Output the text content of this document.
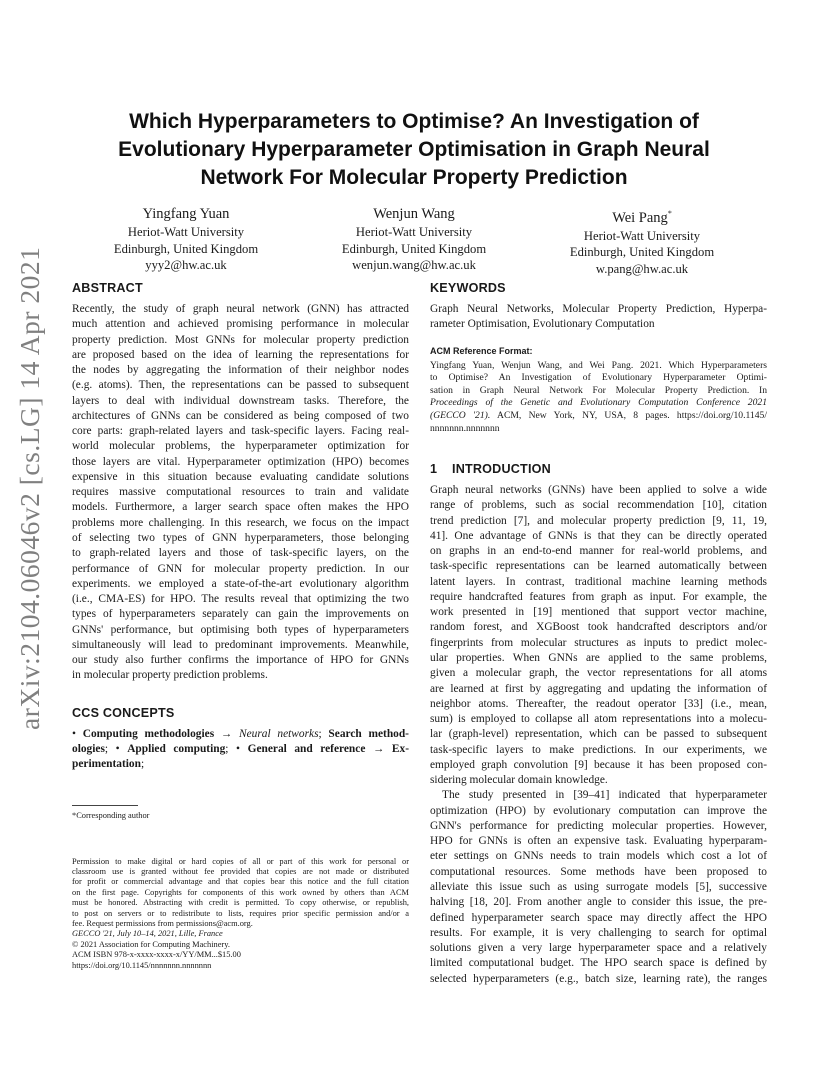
arXiv:2104.06046v2 [cs.LG] 14 Apr 2021
Which Hyperparameters to Optimise? An Investigation of
Evolutionary Hyperparameter Optimisation in Graph Neural
Network For Molecular Property Prediction
Yingfang Yuan
Heriot-Watt University
Edinburgh, United Kingdom
yyy2@hw.ac.uk
Wenjun Wang
Heriot-Watt University
Edinburgh, United Kingdom
wenjun.wang@hw.ac.uk
Wei Pang*
Heriot-Watt University
Edinburgh, United Kingdom
w.pang@hw.ac.uk
ABSTRACT

Recently, the study of graph neural network (GNN) has attracted
much attention and achieved promising performance in molecular
property prediction. Most GNNs for molecular property prediction
are proposed based on the idea of learning the representations for
the nodes by aggregating the information of their neighbor nodes
(e.g. atoms). Then, the representations can be passed to subsequent
layers to deal with individual downstream tasks. Therefore, the
architectures of GNNs can be considered as being composed of two
core parts: graph-related layers and task-specific layers. Facing real-
world molecular problems, the hyperparameter optimization for
those layers are vital. Hyperparameter optimization (HPO) becomes
expensive in this situation because evaluating candidate solutions
requires massive computational resources to train and validate
models. Furthermore, a larger search space often makes the HPO
problems more challenging. In this research, we focus on the impact
of selecting two types of GNN hyperparameters, those belonging
to graph-related layers and those of task-specific layers, on the
performance of GNN for molecular property prediction. In our
experiments. we employed a state-of-the-art evolutionary algorithm
(i.e., CMA-ES) for HPO. The results reveal that optimizing the two
types of hyperparameters separately can gain the improvements on
GNNs' performance, but optimising both types of hyperparameters
simultaneously will lead to predominant improvements. Meanwhile,
our study also further confirms the importance of HPO for GNNs
in molecular property prediction problems.

CCS CONCEPTS
• Computing methodologies → Neural networks; Search method-
ologies; • Applied computing; • General and reference → Ex-
perimentation;
*Corresponding author
Permission to make digital or hard copies of all or part of this work for personal or
classroom use is granted without fee provided that copies are not made or distributed
for profit or commercial advantage and that copies bear this notice and the full citation
on the first page. Copyrights for components of this work owned by others than ACM
must be honored. Abstracting with credit is permitted. To copy otherwise, or republish,
to post on servers or to redistribute to lists, requires prior specific permission and/or a
fee. Request permissions from permissions@acm.org.
GECCO '21, July 10–14, 2021, Lille, France
© 2021 Association for Computing Machinery.
ACM ISBN 978-x-xxxx-xxxx-x/YY/MM...$15.00
https://doi.org/10.1145/nnnnnnn.nnnnnnn
KEYWORDS

Graph Neural Networks, Molecular Property Prediction, Hyperpa-
rameter Optimisation, Evolutionary Computation

ACM Reference Format:
Yingfang Yuan, Wenjun Wang, and Wei Pang. 2021. Which Hyperparameters
to Optimise? An Investigation of Evolutionary Hyperparameter Optimi-
sation in Graph Neural Network For Molecular Property Prediction. In
Proceedings of the Genetic and Evolutionary Computation Conference 2021
(GECCO '21). ACM, New York, NY, USA, 8 pages. https://doi.org/10.1145/
nnnnnnn.nnnnnnn
1 INTRODUCTION

Graph neural networks (GNNs) have been applied to solve a wide
range of problems, such as social recommendation [10], citation
trend prediction [7], and molecular property prediction [9, 11, 19,
41]. One advantage of GNNs is that they can be directly operated
on graphs in an end-to-end manner for real-world problems, and
task-specific representations can be learned automatically between
latent layers. In contrast, traditional machine learning methods
require handcrafted features from graph as input. For example, the
work presented in [19] mentioned that support vector machine,
random forest, and XGBoost took handcrafted descriptors and/or
fingerprints from molecular structures as inputs to predict molec-
ular properties. When GNNs are applied to the same problems,
given a molecular graph, the vector representations for all atoms
are learned at first by aggregating and updating the information of
neighbor atoms. Thereafter, the readout operator [33] (i.e., mean,
sum) is employed to collapse all atom representations into a molecu-
lar (graph-level) representation, which can be passed to subsequent
task-specific layers to make predictions. In our experiments, we
employed graph convolution [9] because it has been proposed con-
sidering molecular domain knowledge.

The study presented in [39–41] indicated that hyperparameter
optimization (HPO) by evolutionary computation can improve the
GNN's performance for predicting molecular properties. However,
HPO for GNNs is often an expensive task. Evaluating hyperparam-
eter settings on GNNs needs to train models which cost a lot of
computational resources. Some methods have been proposed to
alleviate this issue such as using surrogate models [5], successive
halving [18, 20]. From another angle to consider this issue, the pre-
defined hyperparameter search space may directly affect the HPO
results. For example, it is very challenging to search for optimal
solutions given a very large hyperparameter space and a relatively
limited computational budget. The HPO search space is defined by
selected hyperparameters (e.g., batch size, learning rate), the ranges
